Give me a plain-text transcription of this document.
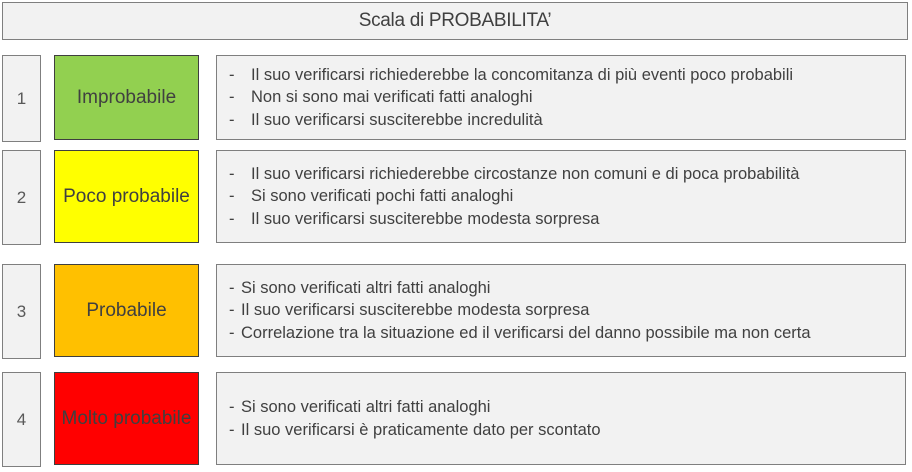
Scala di PROBABILITA’
1	Improbabile
-	Il suo verificarsi richiederebbe la concomitanza di più eventi poco probabili
-	Non si sono mai verificati fatti analoghi
-	Il suo verificarsi susciterebbe incredulità
2	Poco probabile
-	Il suo verificarsi richiederebbe circostanze non comuni e di poca probabilità
-	Si sono verificati pochi fatti analoghi
-	Il suo verificarsi susciterebbe modesta sorpresa
3	Probabile
- Si sono verificati altri fatti analoghi
- Il suo verificarsi susciterebbe modesta sorpresa
- Correlazione tra la situazione ed il verificarsi del danno possibile ma non certa
4	Molto probabile
- Si sono verificati altri fatti analoghi
- Il suo verificarsi è praticamente dato per scontato
